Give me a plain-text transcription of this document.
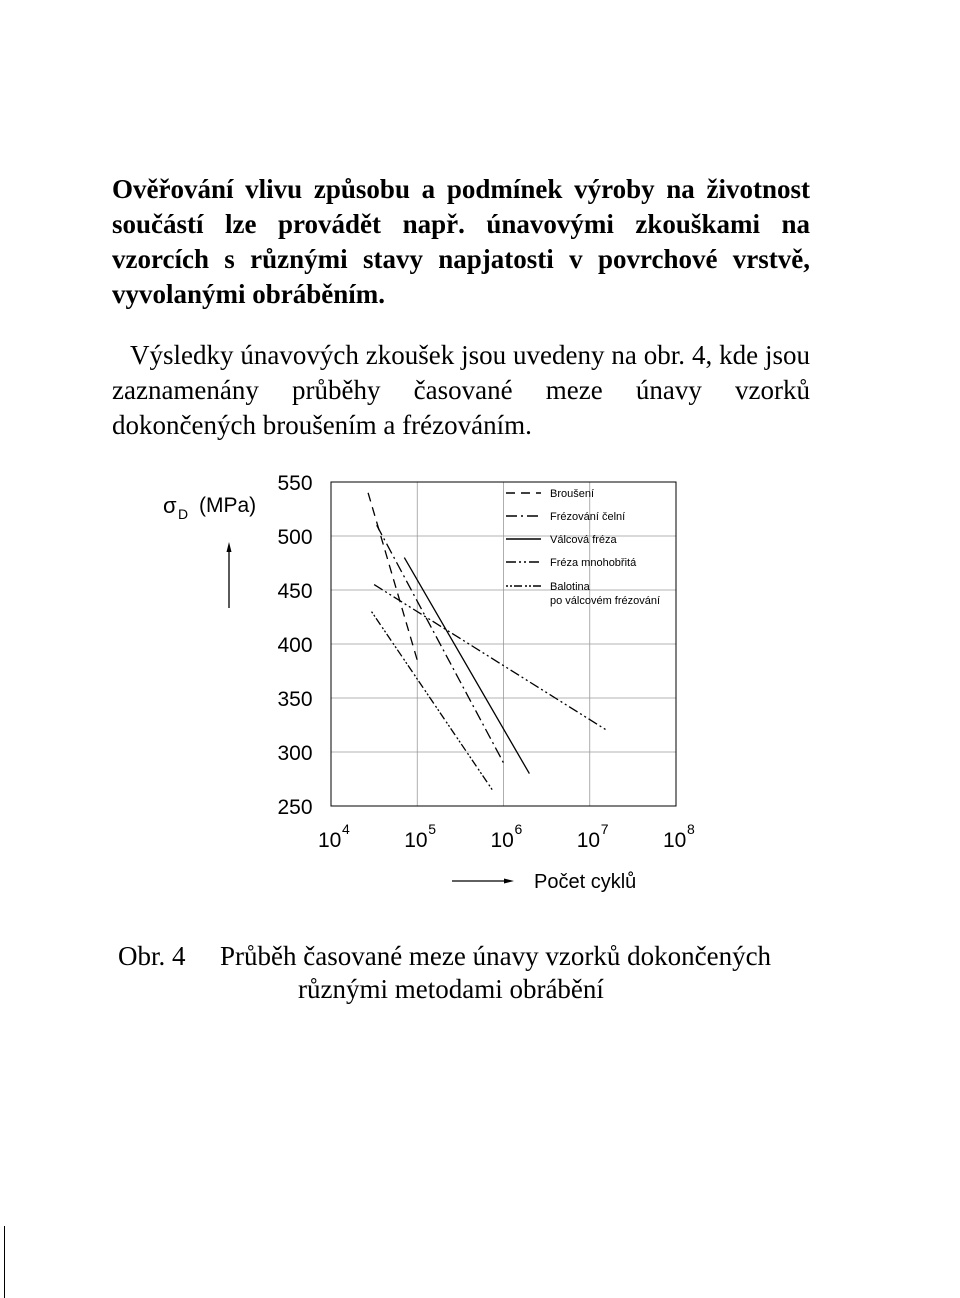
Ověřování vlivu způsobu a podmínek výroby na životnost součástí lze provádět např. únavovými zkouškami na vzorcích s různými stavy napjatosti v povrchové vrstvě, vyvolanými obráběním.
Výsledky únavových zkoušek jsou uvedeny na obr. 4, kde jsou zaznamenány průběhy časované meze únavy vzorků dokončených broušením a frézováním.
550
500
450
400
350
300
250
10 4	10 5	10 6	10 7	10 8
Broušení
Frézování čelní
Válcová fréza
Fréza mnohobřitá
Balotina
po válcovém frézování
σ D (MPa)
Počet cyklů
Obr. 4 Průběh časované meze únavy vzorků dokončených
různými metodami obrábění
